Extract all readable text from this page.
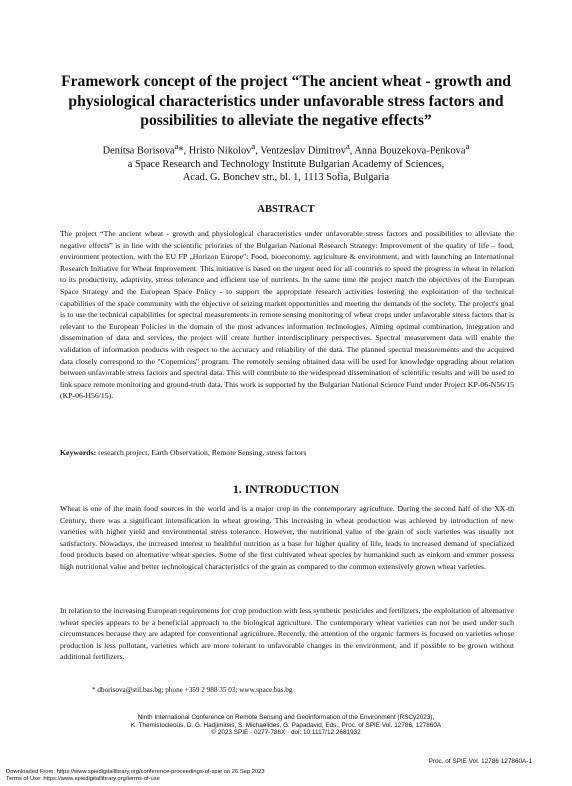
Framework concept of the project “The ancient wheat - growth and physiological characteristics under unfavorable stress factors and possibilities to alleviate the negative effects”

Denitsa Borisova$^a$*, Hristo Nikolov$^a$, Ventzeslav Dimitrov$^a$, Anna Bouzekova-Penkova$^a$

a Space Research and Technology Institute Bulgarian Academy of Sciences,

Acad. G. Bonchev str., bl. 1, 1113 Sofia, Bulgaria

ABSTRACT

The project “The ancient wheat - growth and physiological characteristics under unfavorable stress factors and possibilities to alleviate the negative effects” is in line with the scientific priorities of the Bulgarian National Research Strategy: Improvement of the quality of life – food, environment protection, with the EU FP „Horizon Europe": Food, bioeconomy, agriculture & environment, and with launching an International Research Initiative for Wheat Improvement. This initiative is based on the urgent need for all countries to speed the progress in wheat in relation to its productivity, adaptivity, stress tolerance and efficient use of nutrients. In the same time the project match the objectives of the European Space Strategy and the European Space Policy - to support the appropriate research activities fostering the exploitation of the technical capabilities of the space community with the objective of seizing market opportunities and meeting the demands of the society. The project's goal is to use the technical capabilities for spectral measurements in remote sensing monitoring of wheat crops under unfavorable stress factors that is relevant to the European Policies in the domain of the most advances information technologies. Aiming optimal combination, integration and dissemination of data and services, the project will create further interdisciplinary perspectives. Spectral measurement data will enable the validation of information products with respect to the accuracy and reliability of the data. The planned spectral measurements and the acquired data closely correspond to the "Copernicus" program. The remotely sensing obtained data will be used for knowledge upgrading about relation between unfavorable stress factors and spectral data. This will contribute to the widespread dissemination of scientific results and will be used to link space remote monitoring and ground-truth data. This work is supported by the Bulgarian National Science Fund under Project KP-06-N56/15 (KP-06-H56/15).

Keywords: research project, Earth Observation, Remote Sensing, stress factors

1. INTRODUCTION

Wheat is one of the main food sources in the world and is a major crop in the contemporary agriculture. During the second half of the XX-th Century, there was a significant intensification in wheat growing. This increasing in wheat production was achieved by introduction of new varieties with higher yield and environmental stress tolerance. However, the nutritional value of the grain of such varieties was usually not satisfactory. Nowadays, the increased interest to healthful nutrition as a base for higher quality of life, leads to increased demand of specialized food products based on alternative wheat species. Some of the first cultivated wheat species by humankind such as einkorn and emmer possess high nutritional value and better technological characteristics of the grain as compared to the common extensively grown wheat varieties.

In relation to the increasing European requirements for crop production with less synthetic pesticides and fertilizers, the exploitation of alternative wheat species appears to be a beneficial approach to the biological agriculture. The contemporary wheat varieties can not be used under such circumstances because they are adapted for conventional agriculture. Recently, the attention of the organic farmers is focused on varieties whose production is less pollutant, varieties which are more tolerant to unfavorable changes in the environment, and if possible to be grown without additional fertilizers.

* dborisova@stil.bas.bg; phone +359 2 988 35 03; www.space.bas.bg

Ninth International Conference on Remote Sensing and Geoinformation of the Environment (RSCy2023),

K. Themistocleous, D. G. Hadjimitsis, S. Michaelides, G. Papadavid, Eds., Proc. of SPIE Vol. 12786, 127860A

© 2023 SPIE · 0277-786X · doi: 10.1117/12.2681932

Proc. of SPIE Vol. 12786 127860A-1

Downloaded From: https://www.spiedigitallibrary.org/conference-proceedings-of-spie on 26 Sep 2023

Terms of Use: https://www.spiedigitallibrary.org/terms-of-use
